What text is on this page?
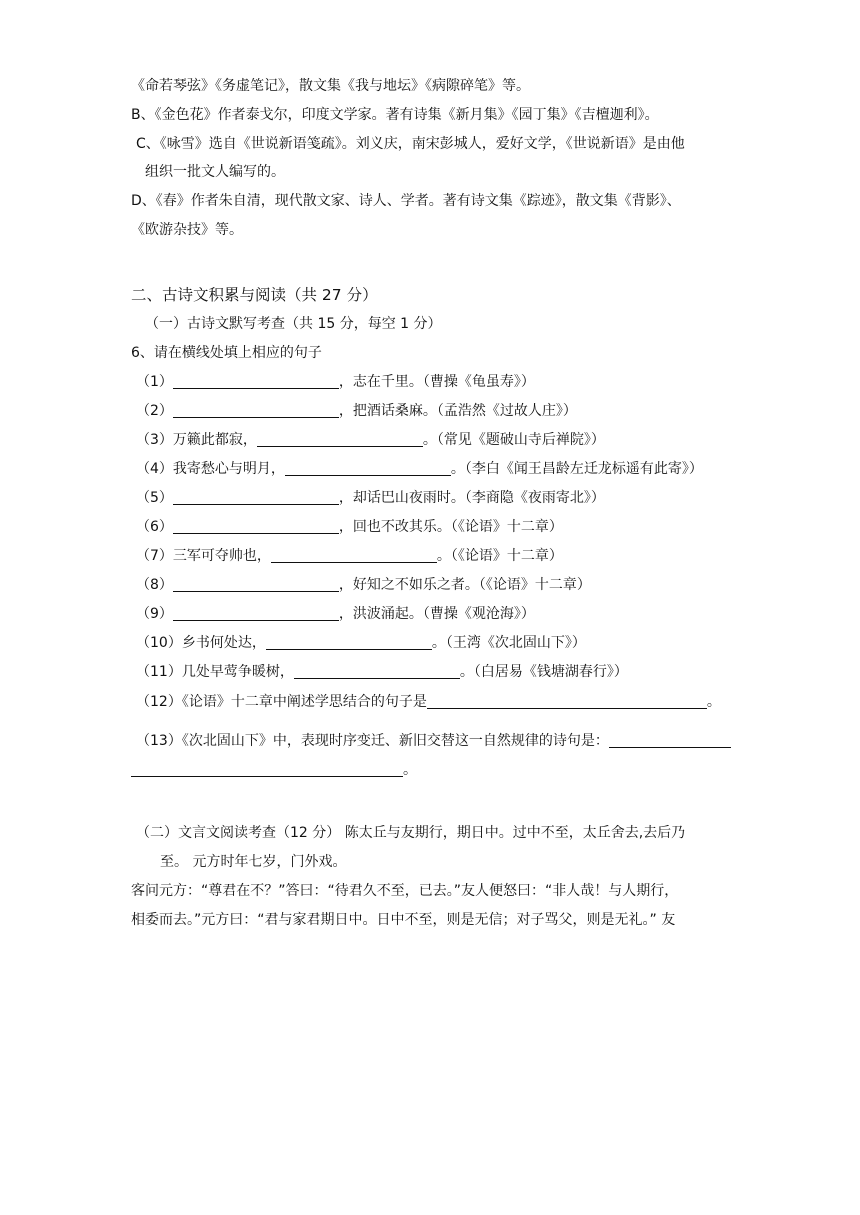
《命若琴弦》《务虚笔记》，散文集《我与地坛》《病隙碎笔》等。
B、《金色花》作者泰戈尔，印度文学家。著有诗集《新月集》《园丁集》《吉檀迦利》。
C、《咏雪》选自《世说新语笺疏》。刘义庆，南宋彭城人，爱好文学，《世说新语》是由他
组织一批文人编写的。
D、《春》作者朱自清，现代散文家、诗人、学者。著有诗文集《踪迹》，散文集《背影》、
《欧游杂技》等。
二、古诗文积累与阅读（共 27 分）
（一）古诗文默写考查（共 15 分，每空 1 分）
6、请在横线处填上相应的句子
（1）	，志在千里。（曹操《龟虽寿》）
（2）	，把酒话桑麻。（孟浩然《过故人庄》）
（3）万籁此都寂，	。（常见《题破山寺后禅院》）
（4）我寄愁心与明月，	。（李白《闻王昌龄左迁龙标遥有此寄》）
（5）	，却话巴山夜雨时。（李商隐《夜雨寄北》）
（6）	，回也不改其乐。（《论语》十二章）
（7）三军可夺帅也，	。（《论语》十二章）
（8）	，好知之不如乐之者。（《论语》十二章）
（9）	，洪波涌起。（曹操《观沧海》）
（10）乡书何处达，	。（王湾《次北固山下》）
（11）几处早莺争暖树，	。（白居易《钱塘湖春行》）
（12）《论语》十二章中阐述学思结合的句子是	。
（13）《次北固山下》中，表现时序变迁、新旧交替这一自然规律的诗句是：
。
（二）文言文阅读考查（12 分） 陈太丘与友期行，期日中。过中不至，太丘舍去,去后乃
至。 元方时年七岁，门外戏。
客问元方：“尊君在不？”答曰：“待君久不至，已去。”友人便怒曰：“非人哉！与人期行，
相委而去。”元方曰：“君与家君期日中。日中不至，则是无信；对子骂父，则是无礼。” 友
